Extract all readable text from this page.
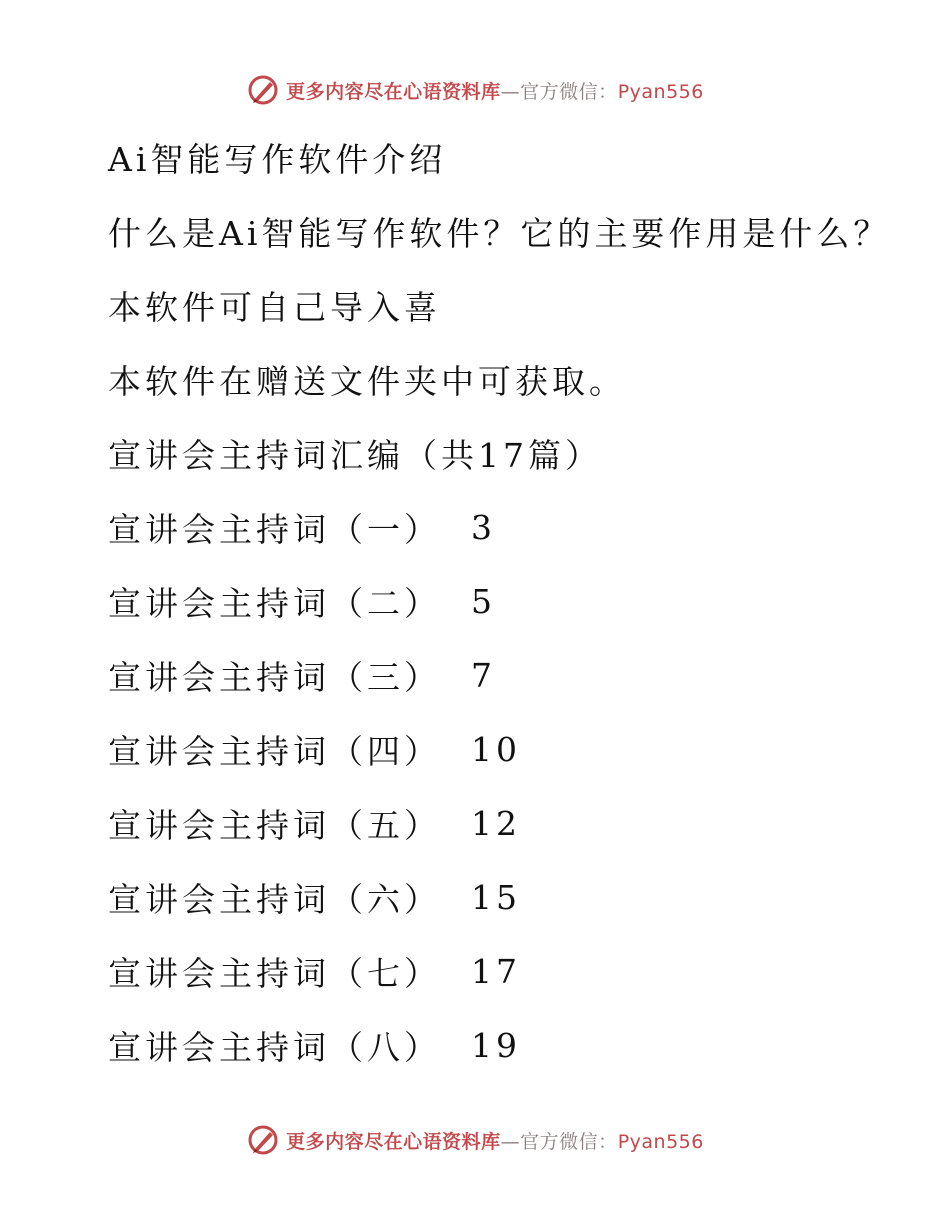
更多内容尽在心语资料库—官方微信：Pyan556
Ai智能写作软件介绍
什么是Ai智能写作软件？它的主要作用是什么？
本软件可自己导入喜
本软件在赠送文件夹中可获取。
宣讲会主持词汇编（共17篇）
宣讲会主持词（一） 3
宣讲会主持词（二） 5
宣讲会主持词（三） 7
宣讲会主持词（四） 10
宣讲会主持词（五） 12
宣讲会主持词（六） 15
宣讲会主持词（七） 17
宣讲会主持词（八） 19
更多内容尽在心语资料库—官方微信：Pyan556
